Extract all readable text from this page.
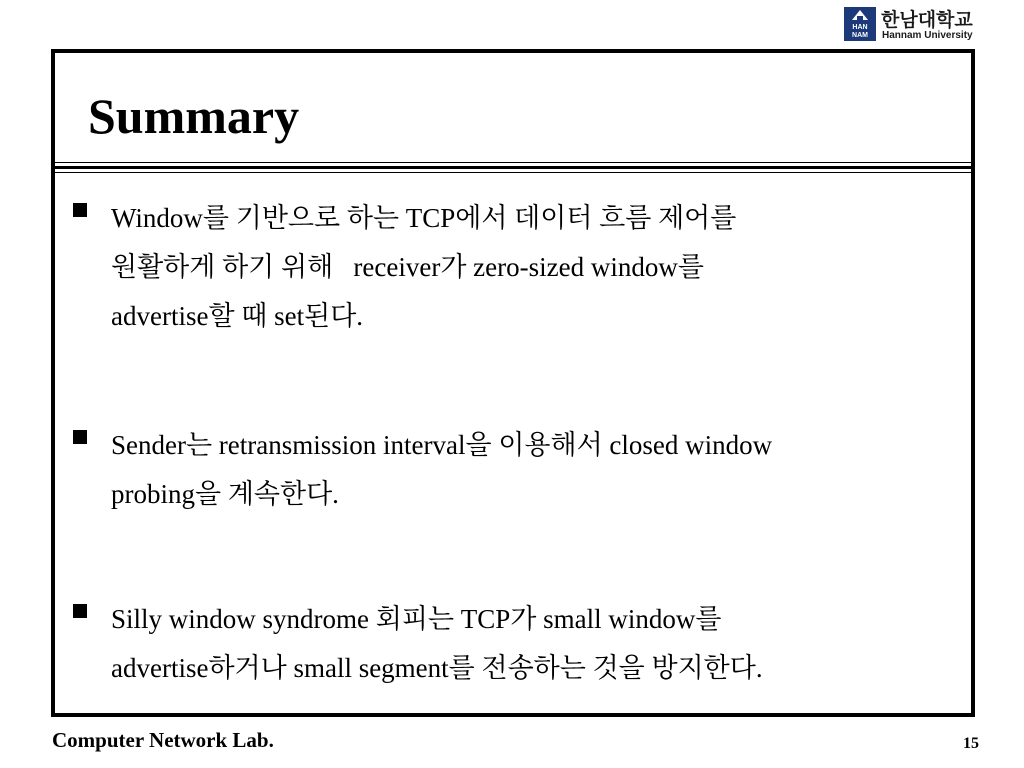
HAN
NAM
한남대학교
Hannam University
Summary
Window를 기반으로 하는 TCP에서 데이터 흐름 제어를
원활하게 하기 위해   receiver가 zero-sized window를
advertise할 때 set된다.
Sender는 retransmission interval을 이용해서 closed window
probing을 계속한다.
Silly window syndrome 회피는 TCP가 small window를
advertise하거나 small segment를 전송하는 것을 방지한다.
Computer Network Lab.	15
